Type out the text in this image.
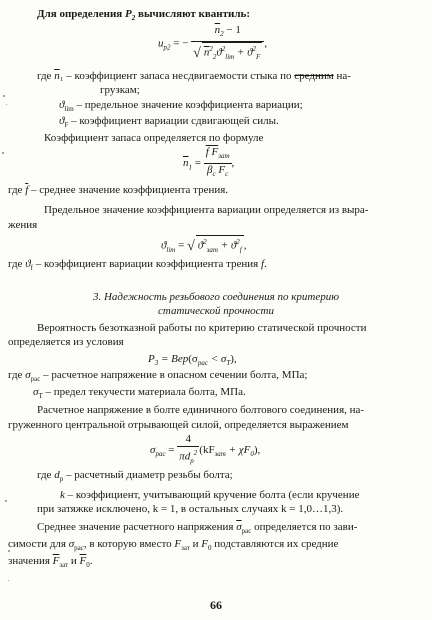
Для определения $P_2$ вычисляют квантиль:
$u_{p2}$ = − $\frac{\overline{n}_2 - 1}{√ n^2_2ϑ^2_{lim} + ϑ^2_F}$ ,
где $\overline{n}_1$ – коэффициент запаса несдвигаемости стыка по средним на-
грузкам;
$ϑ_{lim}$ – предельное значение коэффициента вариации;
$ϑ_F$ – коэффициент вариации сдвигающей силы.
Коэффициент запаса определяется по формуле
$\overline{n}_1 = \frac{f F_{зат}}{\beta_c F_c}$ ,
где $\overline{f}$ – среднее значение коэффициента трения.
Предельное значение коэффициента вариации определяется из выра-
жения
$ϑ_{lim}$ = √ $ϑ^2_{зат} + ϑ^2_f$ ,
где $ϑ_f$ – коэффициент вариации коэффициента трения f.
3. Надежность резьбового соединения по критерию
статической прочности
Вероятность безотказной работы по критерию статической прочности
определяется из условия
$P_3 = Вер(\sigma_{рас} < \sigma_T)$,
где $\sigma_{рас}$ – расчетное напряжение в опасном сечении болта, МПа;
$\sigma_T$ – предел текучести материала болта, МПа.
Расчетное напряжение в болте единичного болтового соединения, на-
груженного центральной отрывающей силой, определяется выражением
$\sigma_{рас} = \frac{4}{\pi d_p^2} (kF_{зат} + \chi F_0)$,
где $d_p$ – расчетный диаметр резьбы болта;
k – коэффициент, учитывающий кручение болта (если кручение
при затяжке исключено, k = 1, в остальных случаях k = 1,0…1,3).
Среднее значение расчетного напряжения $\overline{\sigma}_{рас}$ определяется по зави-
симости для $\sigma_{рас}$, в которую вместо $F_{зат}$ и $F_0$ подставляются их средние
значения $\overline{F}_{зат}$ и $\overline{F}_0$.
66
